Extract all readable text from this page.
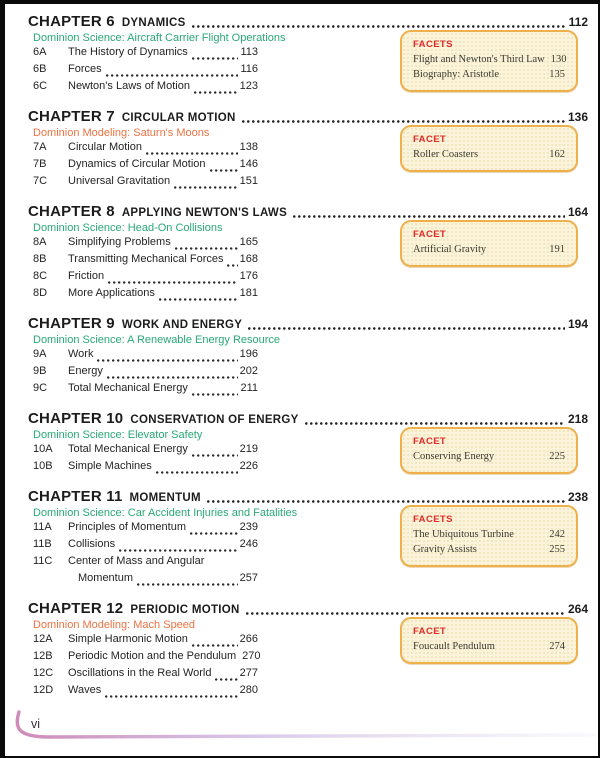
CHAPTER 6 DYNAMICS	112
Dominion Science: Aircraft Carrier Flight Operations
6A	The History of Dynamics	113
6B	Forces	116
6C	Newton's Laws of Motion	123
FACETS
Flight and Newton's Third Law 130
Biography: Aristotle	135
CHAPTER 7 CIRCULAR MOTION	136
Dominion Modeling: Saturn's Moons
7A	Circular Motion	138
7B	Dynamics of Circular Motion	146
7C	Universal Gravitation	151
FACET
Roller Coasters	162
CHAPTER 8 APPLYING NEWTON'S LAWS	164
Dominion Science: Head-On Collisions
8A	Simplifying Problems	165
8B	Transmitting Mechanical Forces 168
8C	Friction	176
8D	More Applications	181
FACET
Artificial Gravity	191
CHAPTER 9 WORK AND ENERGY	194
Dominion Science: A Renewable Energy Resource
9A	Work	196
9B	Energy	202
9C	Total Mechanical Energy	211
CHAPTER 10 CONSERVATION OF ENERGY	218
Dominion Science: Elevator Safety
10A	Total Mechanical Energy	219
10B	Simple Machines	226
FACET
Conserving Energy	225
CHAPTER 11 MOMENTUM	238
Dominion Science: Car Accident Injuries and Fatalities
11A	Principles of Momentum	239
11B	Collisions	246
11C	Center of Mass and Angular
Momentum	257
FACETS
The Ubiquitous Turbine	242
Gravity Assists	255
CHAPTER 12 PERIODIC MOTION	264
Dominion Modeling: Mach Speed
12A	Simple Harmonic Motion	266
12B	Periodic Motion and the Pendulum 270
12C	Oscillations in the Real World	277
12D	Waves	280
FACET
Foucault Pendulum	274
vi
